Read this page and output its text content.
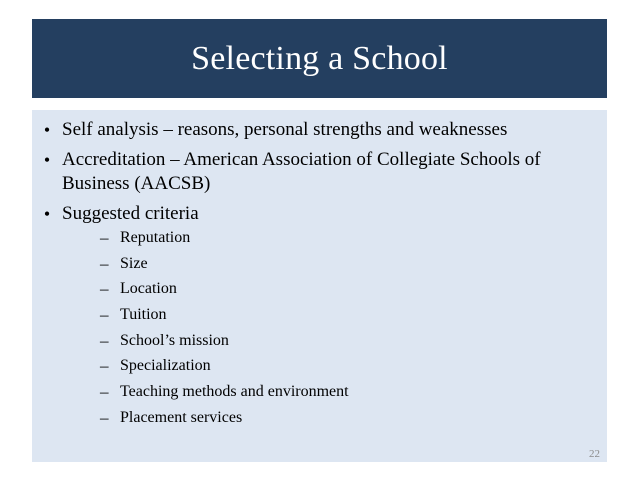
Selecting a School
• Self analysis – reasons, personal strengths and weaknesses
• Accreditation – American Association of Collegiate Schools of Business (AACSB)
• Suggested criteria
– Reputation
– Size
– Location
– Tuition
– School’s mission
– Specialization
– Teaching methods and environment
– Placement services
22
